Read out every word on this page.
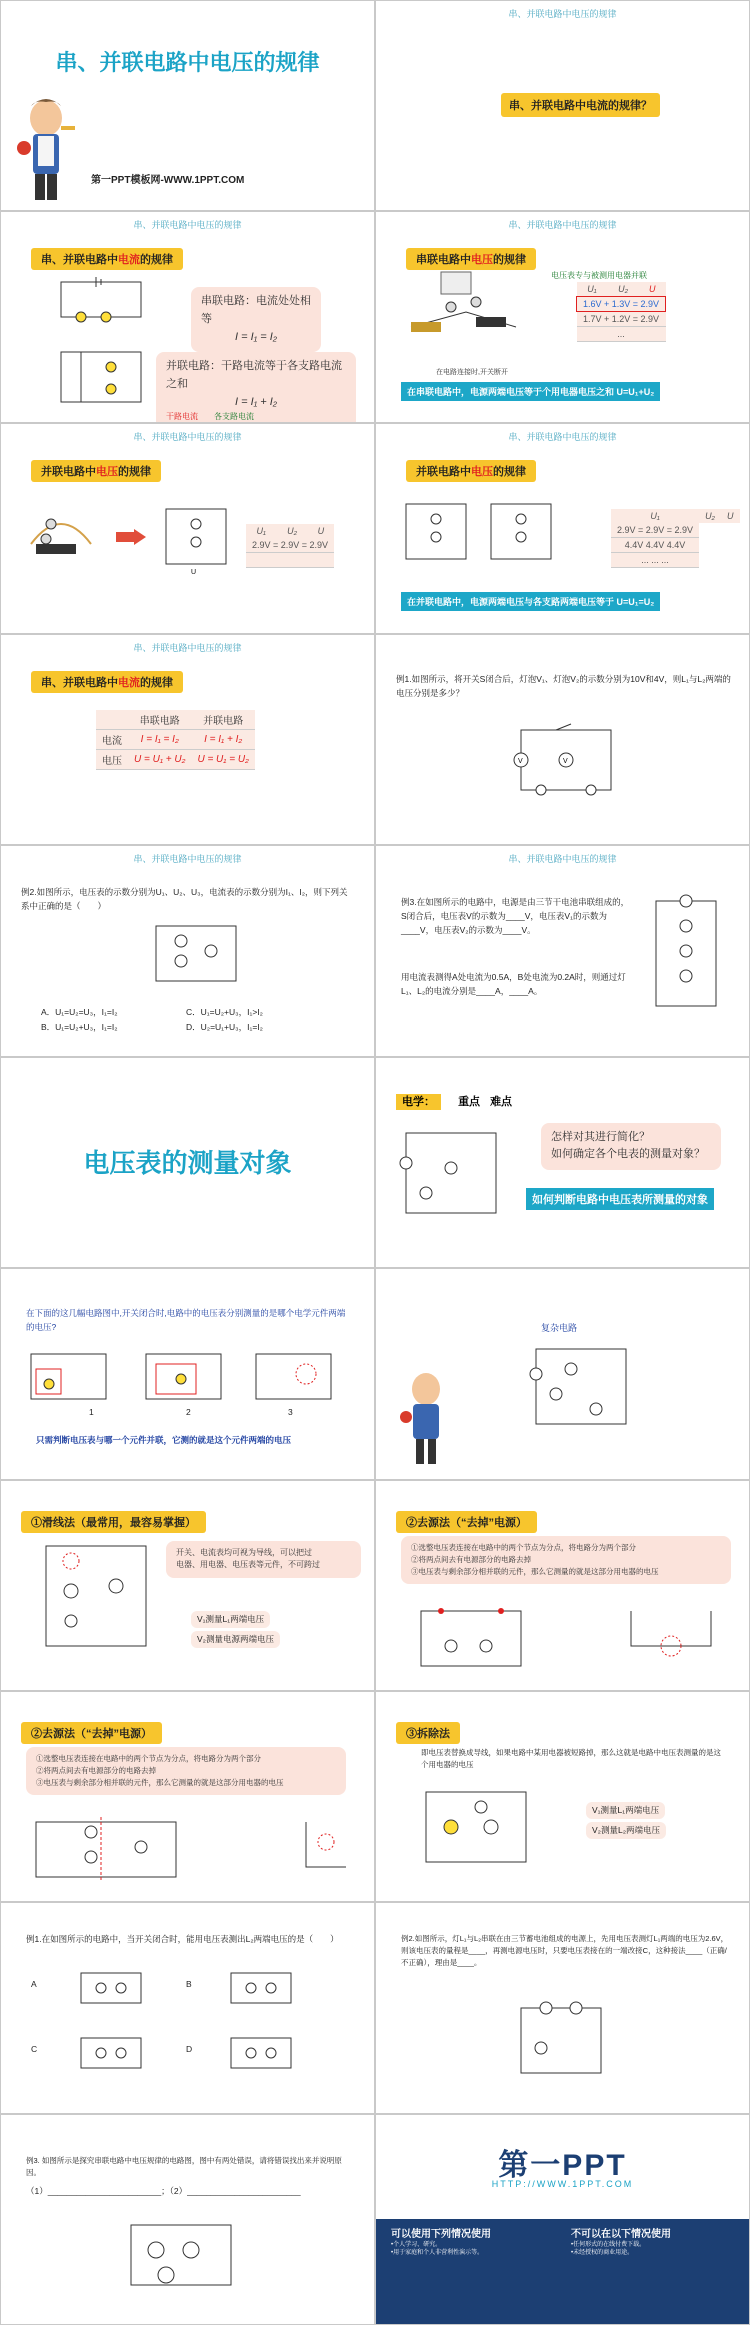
串、并联电路中电压的规律
第一PPT模板网-WWW.1PPT.COM
串、并联电路中电压的规律
串、并联电路中电流的规律？
串、并联电路中电压的规律
串、并联电路中电流的规律
串联电路：电流处处相等
I = I₁ = I₂
并联电路：干路电流等于各支路电流之和
I = I₁ + I₂
干路电流　　 各支路电流
串、并联电路中电压的规律
串联电路中电压的规律
电压表专与被测用电器并联
U₁	U₂	U
1.6V + 1.3V = 2.9V
1.7V + 1.2V = 2.9V
...
在电路连接时,开关断开
在串联电路中，电源两端电压等于个用电器电压之和 U=U₁+U₂
串、并联电路中电压的规律
并联电路中电压的规律
U
U₁	U₂	U
2.9V = 2.9V = 2.9V

串、并联电路中电压的规律
并联电路中电压的规律
U₁	U₂	U
2.9V = 2.9V = 2.9V
4.4V 4.4V 4.4V
... ... ...
在并联电路中，电源两端电压与各支路两端电压等于 U=U₁=U₂
串、并联电路中电压的规律
串、并联电路中电流的规律
	串联电路	并联电路
电流	I = I₁ = I₂	I = I₁ + I₂
电压	U = U₁ + U₂	U = U₁ = U₂
例1.如图所示，将开关S闭合后，灯泡V₁、灯泡V₂的示数分别为10V和4V，则L₁与L₂两端的电压分别是多少？
V	V
串、并联电路中电压的规律
例2.如图所示，电压表的示数分别为U₁、U₂、U₃，电流表的示数分别为I₁、I₂，则下列关系中正确的是（　　）
A．U₁=U₂=U₃，I₁=I₂
B．U₁=U₂+U₃，I₁=I₂
C．U₁=U₂+U₃，I₁>I₂
D．U₂=U₁+U₃，I₁=I₂
串、并联电路中电压的规律
例3.在如图所示的电路中，电源是由三节干电池串联组成的，S闭合后，电压表V的示数为____V，电压表V₁的示数为____V，电压表V₂的示数为____V。
用电流表测得A处电流为0.5A，B处电流为0.2A时，则通过灯L₁、L₂的电流分别是____A，____A。
电压表的测量对象
电学： 重点 难点
怎样对其进行简化？
如何确定各个电表的测量对象？
如何判断电路中电压表所测量的对象
在下面的这几幅电路图中,开关闭合时,电路中的电压表分别测量的是哪个电学元件两端的电压?
1	2	3
只需判断电压表与哪一个元件并联，它测的就是这个元件两端的电压
复杂电路
①滑线法（最常用，最容易掌握）
开关、电流表均可视为导线，可以把过
电器、用电器、电压表等元件，不可跨过
V₁测量L₁两端电压
V₂测量电源两端电压
②去源法（“去掉”电源）
①选整电压表连接在电路中的两个节点为分点，将电路分为两个部分
②将两点间去有电源部分的电路去掉
③电压表与剩余部分相并联的元件，那么它测量的就是这部分用电器的电压
②去源法（“去掉”电源）
①选整电压表连接在电路中的两个节点为分点，将电路分为两个部分
②将两点间去有电源部分的电路去掉
③电压表与剩余部分相并联的元件，那么它测量的就是这部分用电器的电压
③拆除法
即电压表替换成导线，如果电路中某用电器被短路掉，那么这就是电路中电压表测量的是这个用电器的电压
V₁测量L₁两端电压
V₂测量L₂两端电压
例1.在如图所示的电路中，当开关闭合时，能用电压表测出L₂两端电压的是（　　）
A	B
C	D
例2.如图所示，灯L₁与L₂串联在由三节蓄电池组成的电源上，先用电压表测灯L₁两端的电压为2.6V，则该电压表的量程是____，再测电源电压时，只要电压表接在的一端改接C，这种接法____（正确/不正确），理由是____。
例3. 如图所示是探究串联电路中电压规律的电路图，图中有两处错误，请将错误找出来并说明原因。
（1）________________________；（2）________________________
第一PPT
HTTP://WWW.1PPT.COM
可以使用下列情况使用
•个人学习、研究。
•用于家庭和个人非营利性演示等。
不可以在以下情况使用
•任何形式的在线付费下载。
•未经授权的商业用途。
